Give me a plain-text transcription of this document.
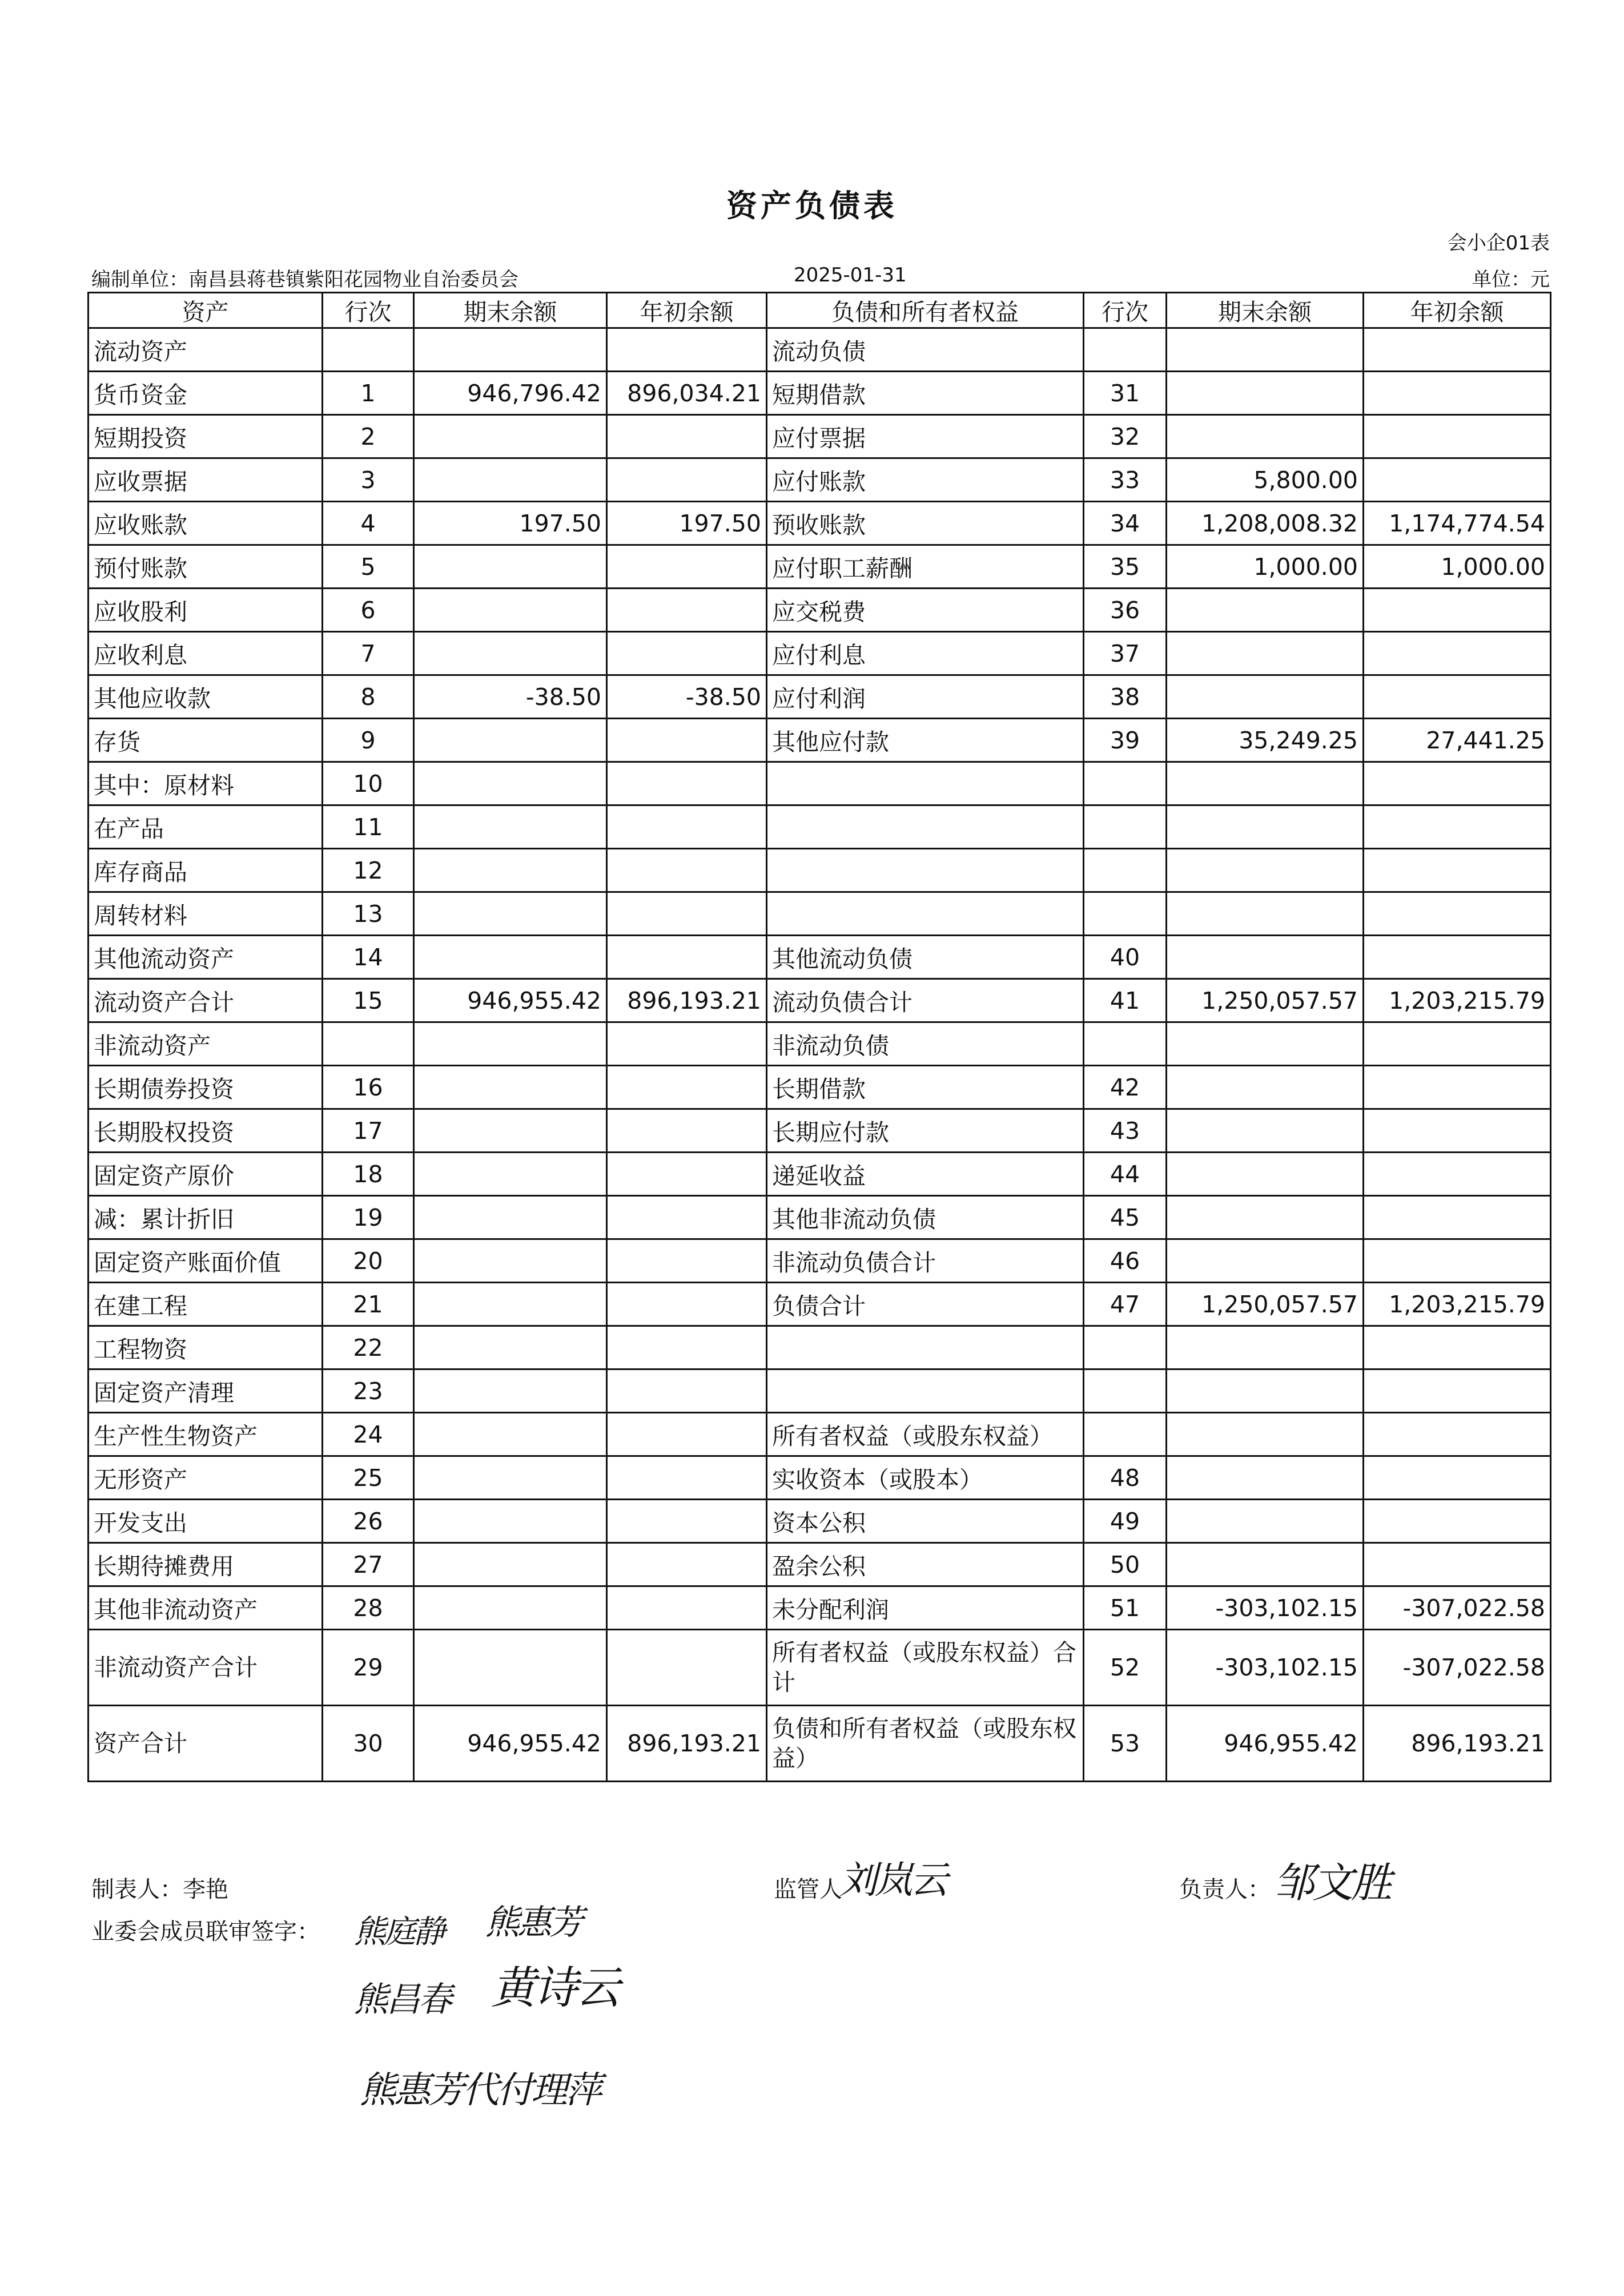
资产负债表
会小企01表
编制单位：南昌县蒋巷镇紫阳花园物业自治委员会	2025-01-31	单位：元
资产	行次	期末余额	年初余额	负债和所有者权益	行次	期末余额	年初余额
流动资产				流动负债			
货币资金	1	946,796.42	896,034.21	短期借款	31		
短期投资	2			应付票据	32		
应收票据	3			应付账款	33	5,800.00	
应收账款	4	197.50	197.50	预收账款	34	1,208,008.32	1,174,774.54
预付账款	5			应付职工薪酬	35	1,000.00	1,000.00
应收股利	6			应交税费	36		
应收利息	7			应付利息	37		
其他应收款	8	-38.50	-38.50	应付利润	38		
存货	9			其他应付款	39	35,249.25	27,441.25
其中：原材料	10						
在产品	11						
库存商品	12						
周转材料	13						
其他流动资产	14			其他流动负债	40		
流动资产合计	15	946,955.42	896,193.21	流动负债合计	41	1,250,057.57	1,203,215.79
非流动资产				非流动负债			
长期债券投资	16			长期借款	42		
长期股权投资	17			长期应付款	43		
固定资产原价	18			递延收益	44		
减：累计折旧	19			其他非流动负债	45		
固定资产账面价值	20			非流动负债合计	46		
在建工程	21			负债合计	47	1,250,057.57	1,203,215.79
工程物资	22						
固定资产清理	23						
生产性生物资产	24			所有者权益（或股东权益）			
无形资产	25			实收资本（或股本）	48		
开发支出	26			资本公积	49		
长期待摊费用	27			盈余公积	50		
其他非流动资产	28			未分配利润	51	-303,102.15	-307,022.58
非流动资产合计	29			所有者权益（或股东权益）合计	52	-303,102.15	-307,022.58
资产合计	30	946,955.42	896,193.21	负债和所有者权益（或股东权益）	53	946,955.42	896,193.21
制表人：李艳
业委会成员联审签字：
监管人
刘岚云	负责人： 邹文胜
熊庭静
熊昌春 黄诗云
熊惠芳
熊惠芳代付理萍
